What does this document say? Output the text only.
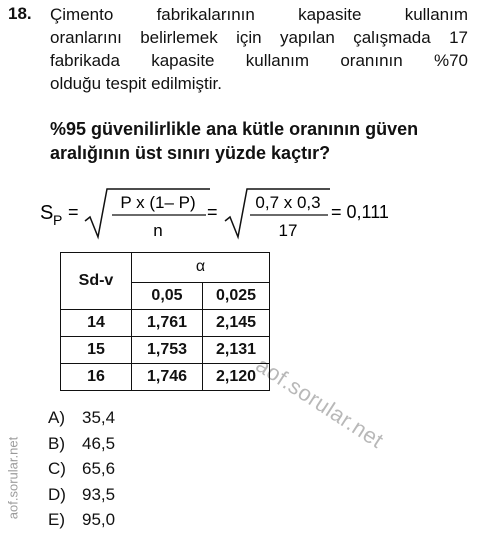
18. Çimento fabrikalarının kapasite kullanım
oranlarını belirlemek için yapılan çalışmada 17
fabrikada kapasite kullanım oranının %70
olduğu tespit edilmiştir.
%95 güvenilirlikle ana kütle oranının güven
aralığının üst sınırı yüzde kaçtır?
S P = P x (1– P)
n
= 0,7 x 0,3
17
= 0,111
Sd-v	α	
	0,05	0,025
14	1,761	2,145
15	1,753	2,131
16	1,746	2,120
A) 35,4
B) 46,5
C) 65,6
D) 93,5
E) 95,0
aof.sorular.net
aof.sorular.net
